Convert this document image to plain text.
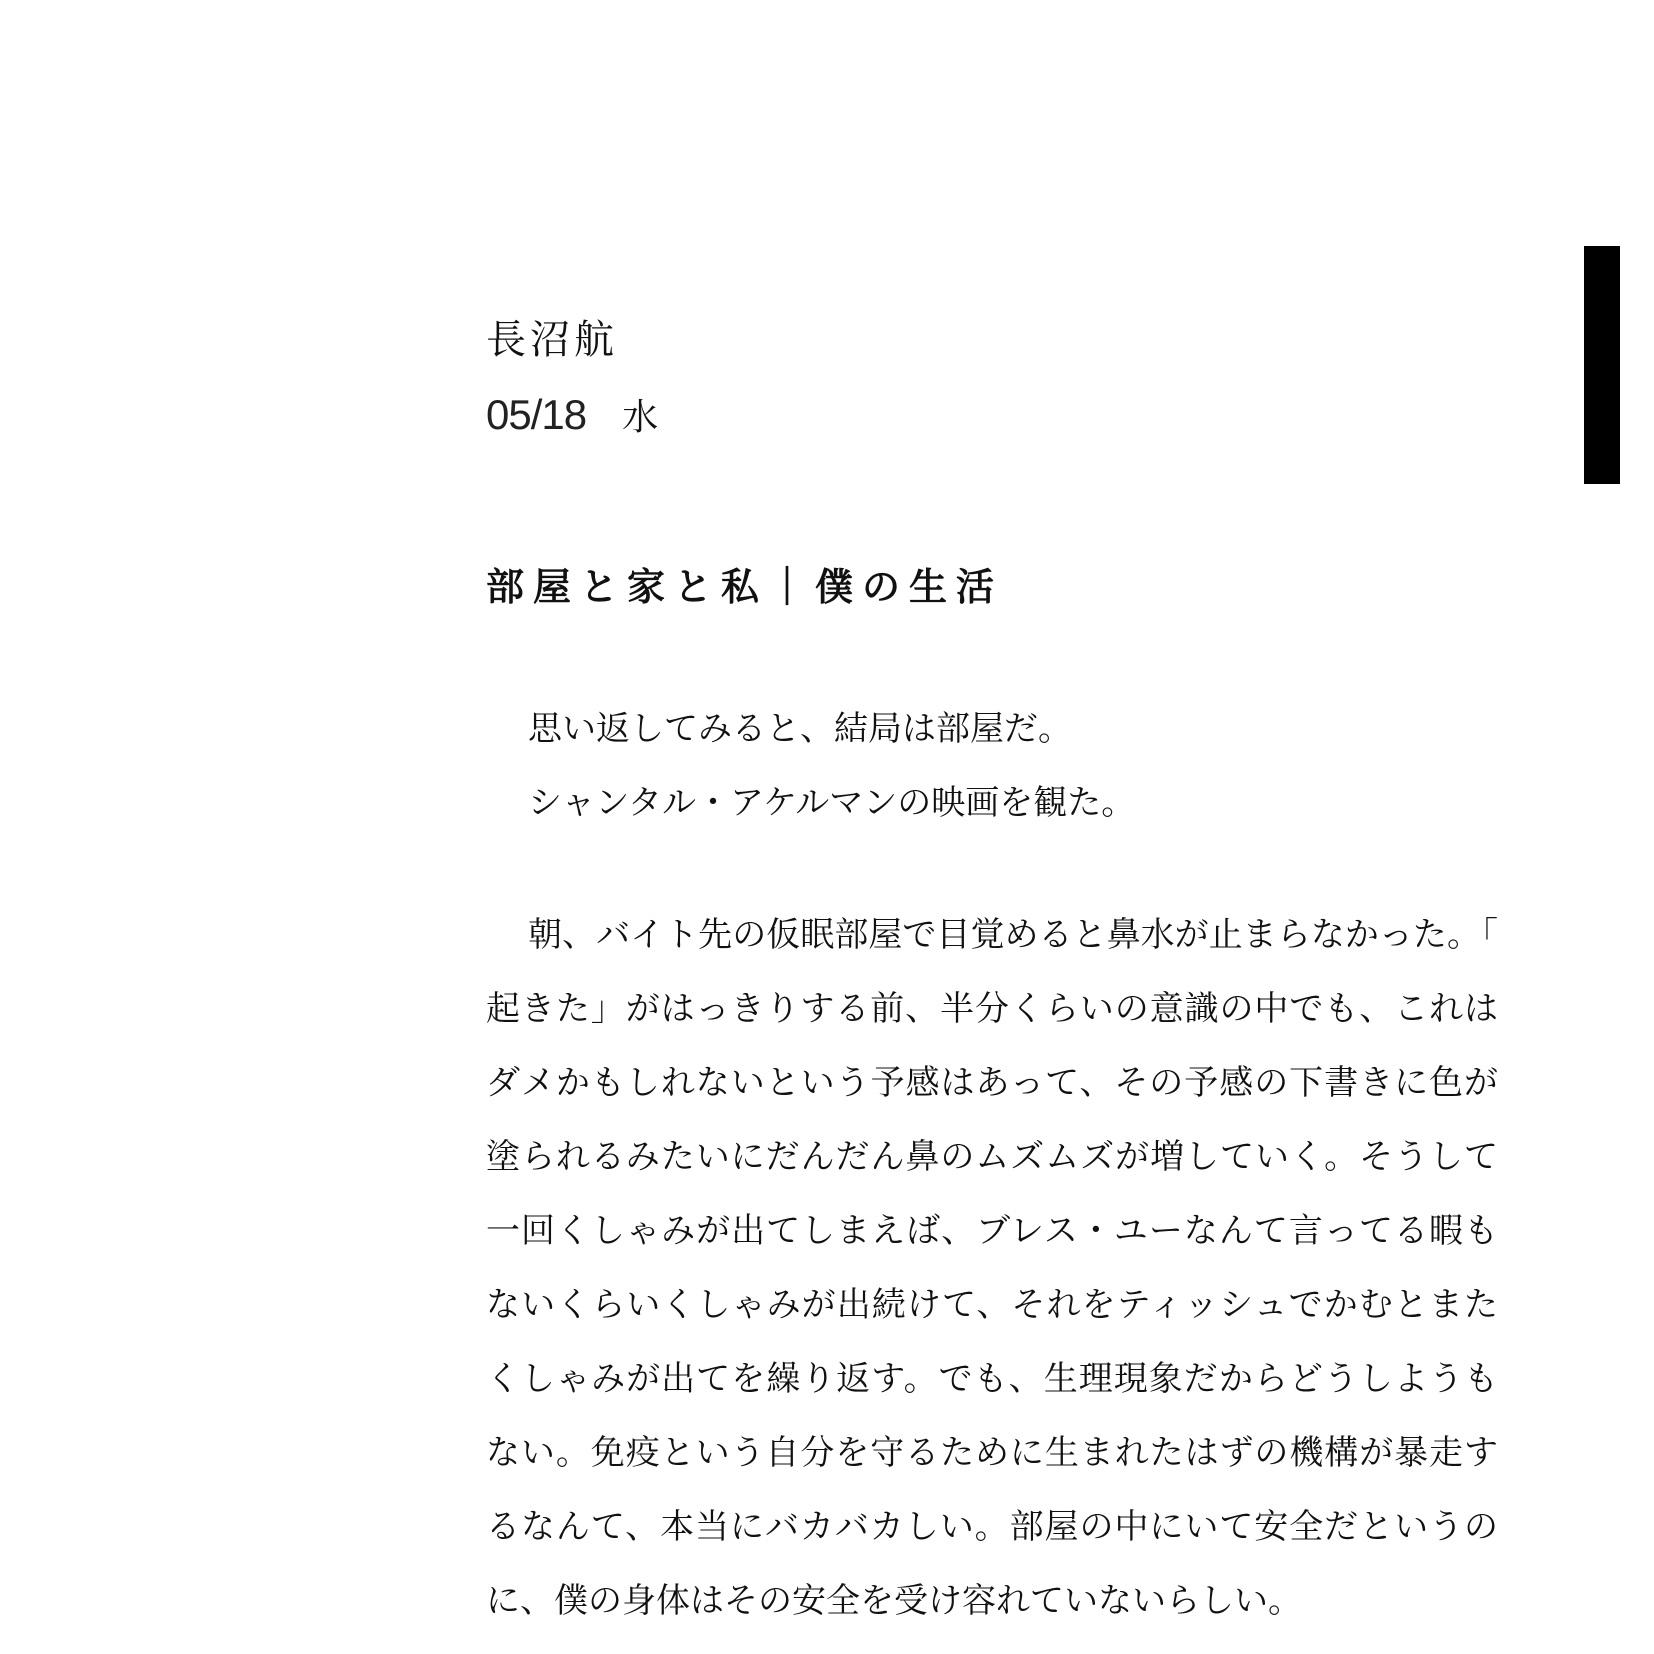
長沼航
05/18 水
部屋と家と私｜僕の生活

思い返してみると、結局は部屋だ。

シャンタル・アケルマンの映画を観た。

朝、バイト先の仮眠部屋で目覚めると鼻水が止まらなかった。「起きた」がはっきりする前、半分くらいの意識の中でも、これはダメかもしれないという予感はあって、その予感の下書きに色が塗られるみたいにだんだん鼻のムズムズが増していく。そうして一回くしゃみが出てしまえば、ブレス・ユーなんて言ってる暇もないくらいくしゃみが出続けて、それをティッシュでかむとまたくしゃみが出てを繰り返す。でも、生理現象だからどうしようもない。免疫という自分を守るために生まれたはずの機構が暴走するなんて、本当にバカバカしい。部屋の中にいて安全だというのに、僕の身体はその安全を受け容れていないらしい。
